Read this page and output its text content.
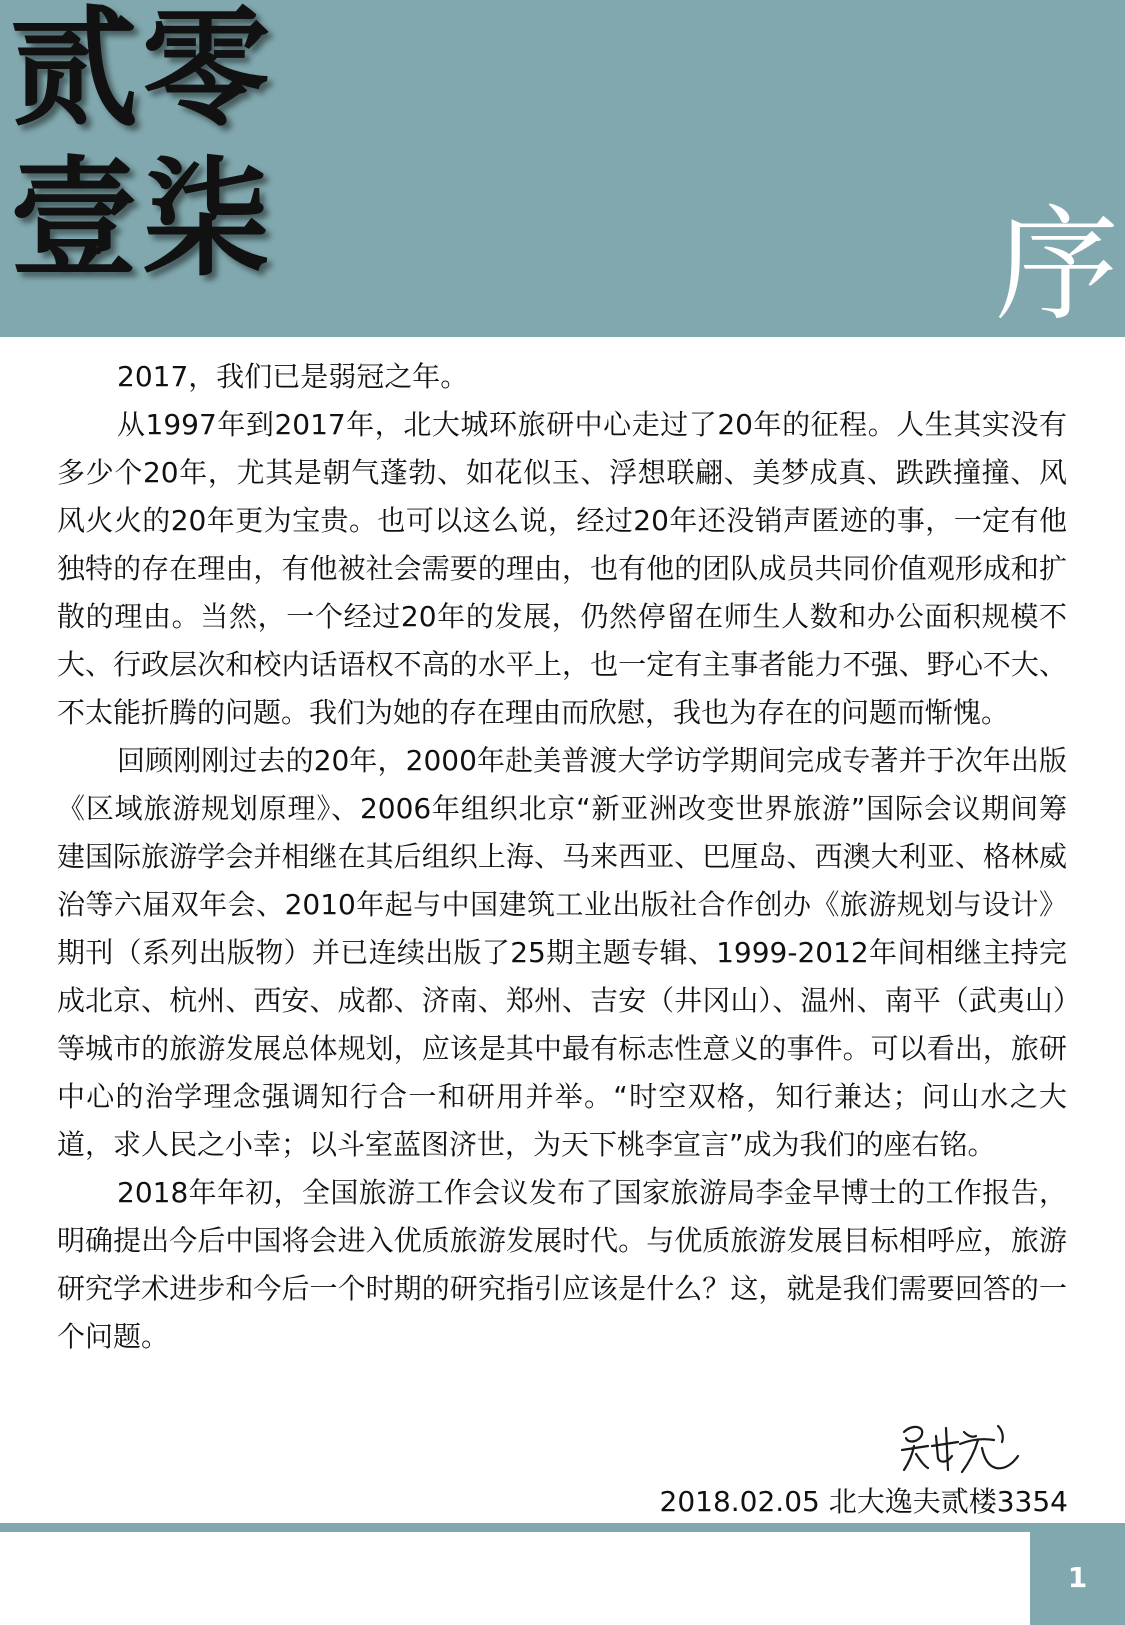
贰零
壹柒	序

2017，我们已是弱冠之年。

从1997年到2017年，北大城环旅研中心走过了20年的征程。人生其实没有多少个20年，尤其是朝气蓬勃、如花似玉、浮想联翩、美梦成真、跌跌撞撞、风风火火的20年更为宝贵。也可以这么说，经过20年还没销声匿迹的事，一定有他独特的存在理由，有他被社会需要的理由，也有他的团队成员共同价值观形成和扩散的理由。当然，一个经过20年的发展，仍然停留在师生人数和办公面积规模不大、行政层次和校内话语权不高的水平上，也一定有主事者能力不强、野心不大、不太能折腾的问题。我们为她的存在理由而欣慰，我也为存在的问题而惭愧。

回顾刚刚过去的20年，2000年赴美普渡大学访学期间完成专著并于次年出版《区域旅游规划原理》、2006年组织北京“新亚洲改变世界旅游”国际会议期间筹建国际旅游学会并相继在其后组织上海、马来西亚、巴厘岛、西澳大利亚、格林威治等六届双年会、2010年起与中国建筑工业出版社合作创办《旅游规划与设计》期刊（系列出版物）并已连续出版了25期主题专辑、1999-2012年间相继主持完成北京、杭州、西安、成都、济南、郑州、吉安（井冈山）、温州、南平（武夷山）等城市的旅游发展总体规划，应该是其中最有标志性意义的事件。可以看出，旅研中心的治学理念强调知行合一和研用并举。“时空双格，知行兼达；问山水之大道，求人民之小幸；以斗室蓝图济世，为天下桃李宣言”成为我们的座右铭。

2018年年初，全国旅游工作会议发布了国家旅游局李金早博士的工作报告，明确提出今后中国将会进入优质旅游发展时代。与优质旅游发展目标相呼应，旅游研究学术进步和今后一个时期的研究指引应该是什么？这，就是我们需要回答的一个问题。

2018.02.05 北大逸夫贰楼3354
1
